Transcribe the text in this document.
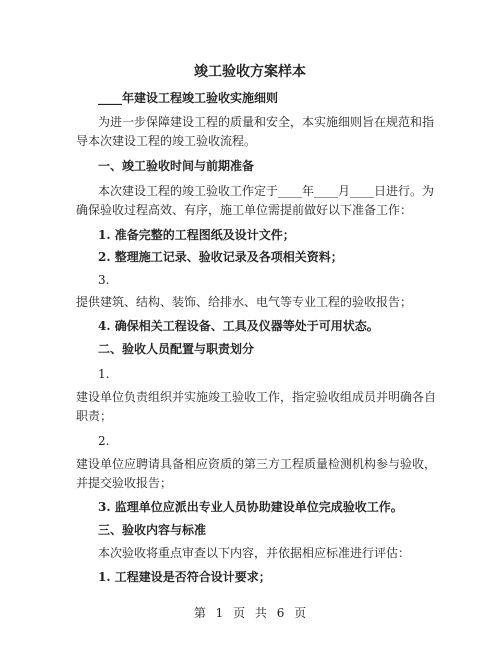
竣工验收方案样本
____年建设工程竣工验收实施细则
为进一步保障建设工程的质量和安全，本实施细则旨在规范和指
导本次建设工程的竣工验收流程。
一、竣工验收时间与前期准备
本次建设工程的竣工验收工作定于____年____月____日进行。为
确保验收过程高效、有序，施工单位需提前做好以下准备工作：
1. 准备完整的工程图纸及设计文件；
2. 整理施工记录、验收记录及各项相关资料；
3.
提供建筑、结构、装饰、给排水、电气等专业工程的验收报告；
4. 确保相关工程设备、工具及仪器等处于可用状态。
二、验收人员配置与职责划分
1.
建设单位负责组织并实施竣工验收工作，指定验收组成员并明确各自
职责；
2.
建设单位应聘请具备相应资质的第三方工程质量检测机构参与验收，
并提交验收报告；
3. 监理单位应派出专业人员协助建设单位完成验收工作。
三、验收内容与标准
本次验收将重点审查以下内容，并依据相应标准进行评估：
1. 工程建设是否符合设计要求；
第 1 页 共 6 页
